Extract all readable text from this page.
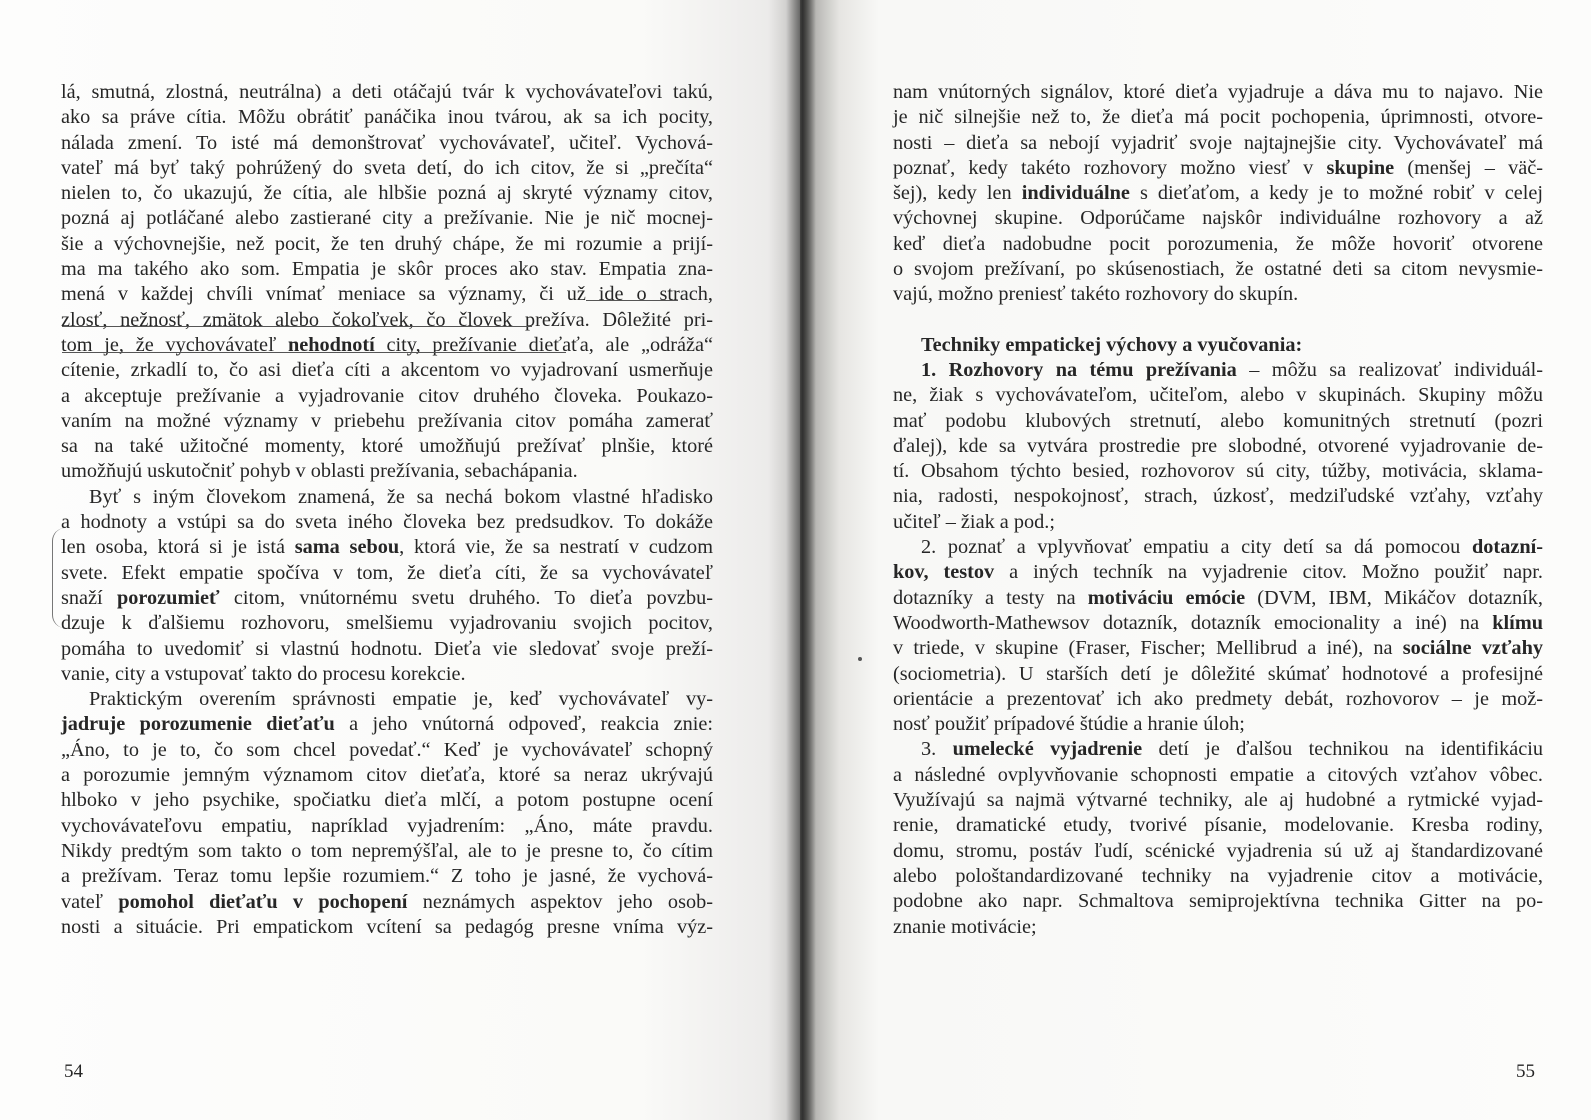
lá, smutná, zlostná, neutrálna) a deti otáčajú tvár k vychovávateľovi takú,
ako sa práve cítia. Môžu obrátiť panáčika inou tvárou, ak sa ich pocity,
nálada zmení. To isté má demonštrovať vychovávateľ, učiteľ. Vychová-
vateľ má byť taký pohrúžený do sveta detí, do ich citov, že si „prečíta“
nielen to, čo ukazujú, že cítia, ale hlbšie pozná aj skryté významy citov,
pozná aj potláčané alebo zastierané city a prežívanie. Nie je nič mocnej-
šie a výchovnejšie, než pocit, že ten druhý chápe, že mi rozumie a prijí-
ma ma takého ako som. Empatia je skôr proces ako stav. Empatia zna-
mená v každej chvíli vnímať meniace sa významy, či už ide o strach,
zlosť, nežnosť, zmätok alebo čokoľvek, čo človek prežíva. Dôležité pri-
tom je, že vychovávateľ nehodnotí city, prežívanie dieťaťa, ale „odráža“
cítenie, zrkadlí to, čo asi dieťa cíti a akcentom vo vyjadrovaní usmerňuje
a akceptuje prežívanie a vyjadrovanie citov druhého človeka. Poukazo-
vaním na možné významy v priebehu prežívania citov pomáha zamerať
sa na také užitočné momenty, ktoré umožňujú prežívať plnšie, ktoré
umožňujú uskutočniť pohyb v oblasti prežívania, sebachápania.
Byť s iným človekom znamená, že sa nechá bokom vlastné hľadisko
a hodnoty a vstúpi sa do sveta iného človeka bez predsudkov. To dokáže
len osoba, ktorá si je istá sama sebou, ktorá vie, že sa nestratí v cudzom
svete. Efekt empatie spočíva v tom, že dieťa cíti, že sa vychovávateľ
snaží porozumieť citom, vnútornému svetu druhého. To dieťa povzbu-
dzuje k ďalšiemu rozhovoru, smelšiemu vyjadrovaniu svojich pocitov,
pomáha to uvedomiť si vlastnú hodnotu. Dieťa vie sledovať svoje preží-
vanie, city a vstupovať takto do procesu korekcie.
Praktickým overením správnosti empatie je, keď vychovávateľ vy-
jadruje porozumenie dieťaťu a jeho vnútorná odpoveď, reakcia znie:
„Áno, to je to, čo som chcel povedať.“ Keď je vychovávateľ schopný
a porozumie jemným významom citov dieťaťa, ktoré sa neraz ukrývajú
hlboko v jeho psychike, spočiatku dieťa mlčí, a potom postupne ocení
vychovávateľovu empatiu, napríklad vyjadrením: „Áno, máte pravdu.
Nikdy predtým som takto o tom nepremýšľal, ale to je presne to, čo cítim
a prežívam. Teraz tomu lepšie rozumiem.“ Z toho je jasné, že vychová-
vateľ pomohol dieťaťu v pochopení neznámych aspektov jeho osob-
nosti a situácie. Pri empatickom vcítení sa pedagóg presne vníma výz-
54
nam vnútorných signálov, ktoré dieťa vyjadruje a dáva mu to najavo. Nie
je nič silnejšie než to, že dieťa má pocit pochopenia, úprimnosti, otvore-
nosti – dieťa sa nebojí vyjadriť svoje najtajnejšie city. Vychovávateľ má
poznať, kedy takéto rozhovory možno viesť v skupine (menšej – väč-
šej), kedy len individuálne s dieťaťom, a kedy je to možné robiť v celej
výchovnej skupine. Odporúčame najskôr individuálne rozhovory a až
keď dieťa nadobudne pocit porozumenia, že môže hovoriť otvorene
o svojom prežívaní, po skúsenostiach, že ostatné deti sa citom nevysmie-
vajú, možno preniesť takéto rozhovory do skupín.
Techniky empatickej výchovy a vyučovania:
1. Rozhovory na tému prežívania – môžu sa realizovať individuál-
ne, žiak s vychovávateľom, učiteľom, alebo v skupinách. Skupiny môžu
mať podobu klubových stretnutí, alebo komunitných stretnutí (pozri
ďalej), kde sa vytvára prostredie pre slobodné, otvorené vyjadrovanie de-
tí. Obsahom týchto besied, rozhovorov sú city, túžby, motivácia, sklama-
nia, radosti, nespokojnosť, strach, úzkosť, medziľudské vzťahy, vzťahy
učiteľ – žiak a pod.;
2. poznať a vplyvňovať empatiu a city detí sa dá pomocou dotazní-
kov, testov a iných techník na vyjadrenie citov. Možno použiť napr.
dotazníky a testy na motiváciu emócie (DVM, IBM, Mikáčov dotazník,
Woodworth-Mathewsov dotazník, dotazník emocionality a iné) na klímu
v triede, v skupine (Fraser, Fischer; Mellibrud a iné), na sociálne vzťahy
(sociometria). U starších detí je dôležité skúmať hodnotové a profesijné
orientácie a prezentovať ich ako predmety debát, rozhovorov – je mož-
nosť použiť prípadové štúdie a hranie úloh;
3. umelecké vyjadrenie detí je ďalšou technikou na identifikáciu
a následné ovplyvňovanie schopnosti empatie a citových vzťahov vôbec.
Využívajú sa najmä výtvarné techniky, ale aj hudobné a rytmické vyjad-
renie, dramatické etudy, tvorivé písanie, modelovanie. Kresba rodiny,
domu, stromu, postáv ľudí, scénické vyjadrenia sú už aj štandardizované
alebo pološtandardizované techniky na vyjadrenie citov a motivácie,
podobne ako napr. Schmaltova semiprojektívna technika Gitter na po-
znanie motivácie;
55
